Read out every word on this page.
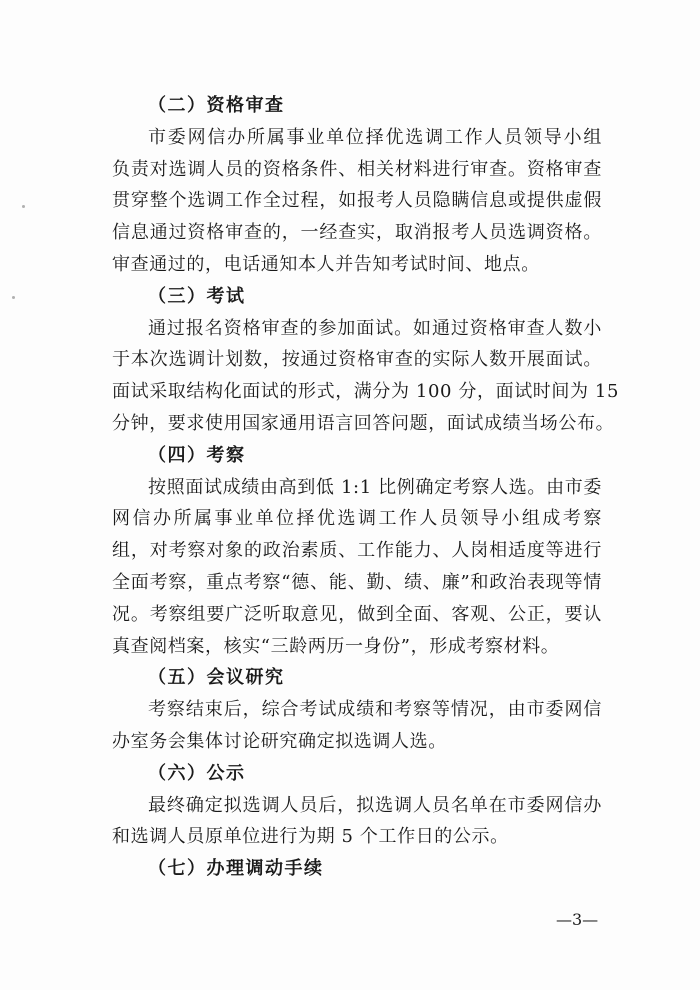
（二）资格审查
市委网信办所属事业单位择优选调工作人员领导小组
负责对选调人员的资格条件、相关材料进行审查。资格审查
贯穿整个选调工作全过程，如报考人员隐瞒信息或提供虚假
信息通过资格审查的，一经查实，取消报考人员选调资格。
审查通过的，电话通知本人并告知考试时间、地点。
（三）考试
通过报名资格审查的参加面试。如通过资格审查人数小
于本次选调计划数，按通过资格审查的实际人数开展面试。
面试采取结构化面试的形式，满分为 100 分，面试时间为 15
分钟，要求使用国家通用语言回答问题，面试成绩当场公布。
（四）考察
按照面试成绩由高到低 1:1 比例确定考察人选。由市委
网信办所属事业单位择优选调工作人员领导小组成考察
组，对考察对象的政治素质、工作能力、人岗相适度等进行
全面考察，重点考察“德、能、勤、绩、廉”和政治表现等情
况。考察组要广泛听取意见，做到全面、客观、公正，要认
真查阅档案，核实“三龄两历一身份”，形成考察材料。
（五）会议研究
考察结束后，综合考试成绩和考察等情况，由市委网信
办室务会集体讨论研究确定拟选调人选。
（六）公示
最终确定拟选调人员后，拟选调人员名单在市委网信办
和选调人员原单位进行为期 5 个工作日的公示。
（七）办理调动手续
—3—
